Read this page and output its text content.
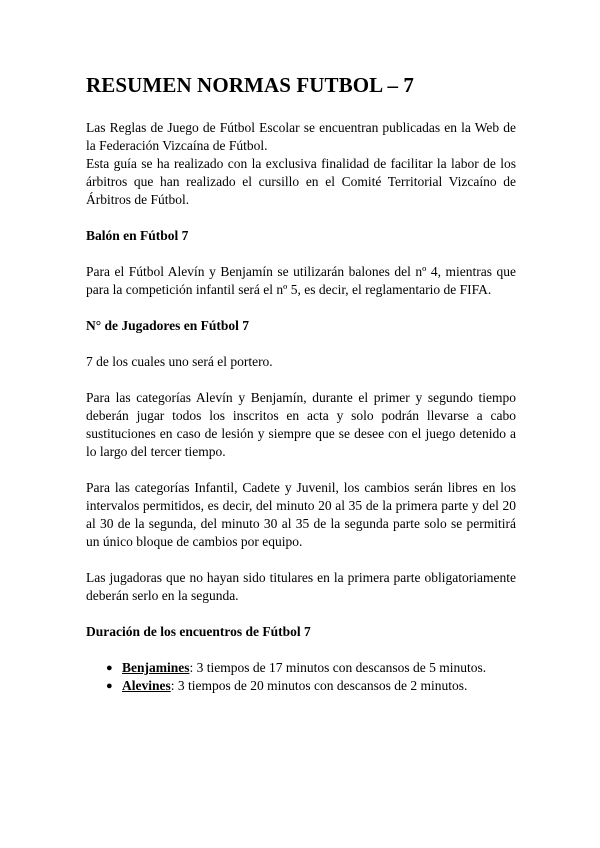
RESUMEN NORMAS FUTBOL – 7

Las Reglas de Juego de Fútbol Escolar se encuentran publicadas en la Web de la Federación Vizcaína de Fútbol.

Esta guía se ha realizado con la exclusiva finalidad de facilitar la labor de los árbitros que han realizado el cursillo en el Comité Territorial Vizcaíno de Árbitros de Fútbol.

Balón en Fútbol 7

Para el Fútbol Alevín y Benjamín se utilizarán balones del nº 4, mientras que para la competición infantil será el nº 5, es decir, el reglamentario de FIFA.

N° de Jugadores en Fútbol 7

7 de los cuales uno será el portero.

Para las categorías Alevín y Benjamín, durante el primer y segundo tiempo deberán jugar todos los inscritos en acta y solo podrán llevarse a cabo sustituciones en caso de lesión y siempre que se desee con el juego detenido a lo largo del tercer tiempo.

Para las categorías Infantil, Cadete y Juvenil, los cambios serán libres en los intervalos permitidos, es decir, del minuto 20 al 35 de la primera parte y del 20 al 30 de la segunda, del minuto 30 al 35 de la segunda parte solo se permitirá un único bloque de cambios por equipo.

Las jugadoras que no hayan sido titulares en la primera parte obligatoriamente deberán serlo en la segunda.

Duración de los encuentros de Fútbol 7
● Benjamines: 3 tiempos de 17 minutos con descansos de 5 minutos.
● Alevines: 3 tiempos de 20 minutos con descansos de 2 minutos.
